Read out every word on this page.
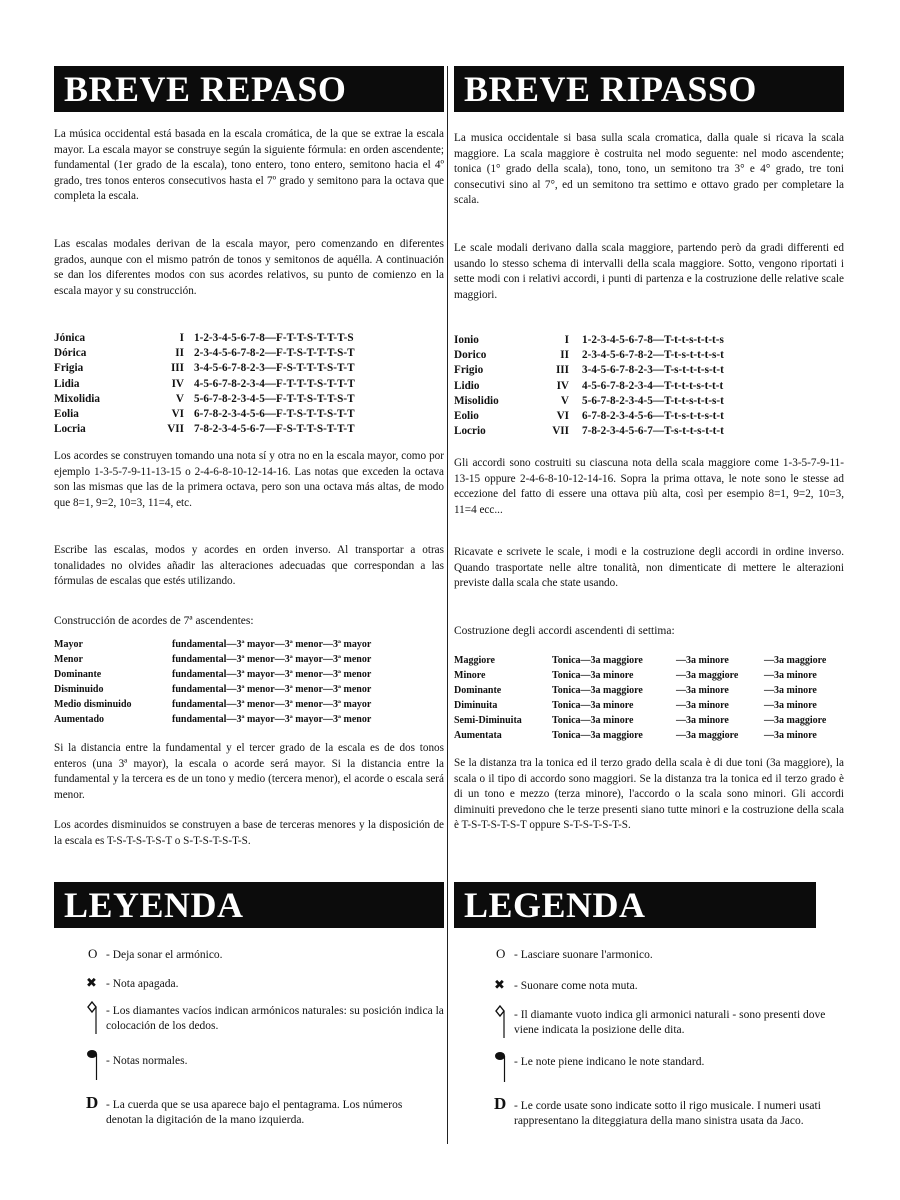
BREVE REPASO
La música occidental está basada en la escala cromática, de la que se extrae la escala mayor. La escala mayor se construye según la siguiente fórmula: en orden ascendente; fundamental (1er grado de la escala), tono entero, tono entero, semitono hacia el 4º grado, tres tonos enteros consecutivos hasta el 7º grado y semitono para la octava que completa la escala.
Las escalas modales derivan de la escala mayor, pero comenzando en diferentes grados, aunque con el mismo patrón de tonos y semitonos de aquélla. A continuación se dan los diferentes modos con sus acordes relativos, su punto de comienzo en la escala mayor y su construcción.
Jónica	I 1-2-3-4-5-6-7-8—F-T-T-S-T-T-T-S
Dórica	II 2-3-4-5-6-7-8-2—F-T-S-T-T-T-S-T
Frigia	III 3-4-5-6-7-8-2-3—F-S-T-T-T-S-T-T
Lidia	IV 4-5-6-7-8-2-3-4—F-T-T-T-S-T-T-T
Mixolidia	V 5-6-7-8-2-3-4-5—F-T-T-S-T-T-S-T
Eolia	VI 6-7-8-2-3-4-5-6—F-T-S-T-T-S-T-T
Locria	VII 7-8-2-3-4-5-6-7—F-S-T-T-S-T-T-T
Los acordes se construyen tomando una nota sí y otra no en la escala mayor, como por ejemplo 1-3-5-7-9-11-13-15 o 2-4-6-8-10-12-14-16. Las notas que exceden la octava son las mismas que las de la primera octava, pero son una octava más altas, de modo que 8=1, 9=2, 10=3, 11=4, etc.
Escribe las escalas, modos y acordes en orden inverso. Al transportar a otras tonalidades no olvides añadir las alteraciones adecuadas que correspondan a las fórmulas de escalas que estés utilizando.
Construcción de acordes de 7ª ascendentes:
Mayor	fundamental—3ª mayor—3ª menor—3ª mayor
Menor	fundamental—3ª menor—3ª mayor—3ª menor
Dominante	fundamental—3ª mayor—3ª menor—3ª menor
Disminuido	fundamental—3ª menor—3ª menor—3ª menor
Medio disminuido	fundamental—3ª menor—3ª menor—3ª mayor
Aumentado	fundamental—3ª mayor—3ª mayor—3ª menor
Si la distancia entre la fundamental y el tercer grado de la escala es de dos tonos enteros (una 3ª mayor), la escala o acorde será mayor. Si la distancia entre la fundamental y la tercera es de un tono y medio (tercera menor), el acorde o escala será menor.
Los acordes disminuidos se construyen a base de terceras menores y la disposición de la escala es T-S-T-S-T-S-T o S-T-S-T-S-T-S.
LEYENDA
O - Deja sonar el armónico.
✖ - Nota apagada.
- Los diamantes vacíos indican armónicos naturales: su posición indica la colocación de los dedos.
- Notas normales.
D - La cuerda que se usa aparece bajo el pentagrama. Los números denotan la digitación de la mano izquierda.
BREVE RIPASSO
La musica occidentale si basa sulla scala cromatica, dalla quale si ricava la scala maggiore. La scala maggiore è costruita nel modo seguente: nel modo ascendente; tonica (1° grado della scala), tono, tono, un semitono tra 3° e 4° grado, tre toni consecutivi sino al 7°, ed un semitono tra settimo e ottavo grado per completare la scala.
Le scale modali derivano dalla scala maggiore, partendo però da gradi differenti ed usando lo stesso schema di intervalli della scala maggiore. Sotto, vengono riportati i sette modi con i relativi accordi, i punti di partenza e la costruzione delle relative scale maggiori.
Ionio	I 1-2-3-4-5-6-7-8—T-t-t-s-t-t-t-s
Dorico	II 2-3-4-5-6-7-8-2—T-t-s-t-t-t-s-t
Frigio	III 3-4-5-6-7-8-2-3—T-s-t-t-t-s-t-t
Lidio	IV 4-5-6-7-8-2-3-4—T-t-t-t-s-t-t-t
Misolidio	V 5-6-7-8-2-3-4-5—T-t-t-s-t-t-s-t
Eolio	VI 6-7-8-2-3-4-5-6—T-t-s-t-t-s-t-t
Locrio	VII 7-8-2-3-4-5-6-7—T-s-t-t-s-t-t-t
Gli accordi sono costruiti su ciascuna nota della scala maggiore come 1-3-5-7-9-11-13-15 oppure 2-4-6-8-10-12-14-16. Sopra la prima ottava, le note sono le stesse ad eccezione del fatto di essere una ottava più alta, così per esempio 8=1, 9=2, 10=3, 11=4 ecc...
Ricavate e scrivete le scale, i modi e la costruzione degli accordi in ordine inverso. Quando trasportate nelle altre tonalità, non dimenticate di mettere le alterazioni previste dalla scala che state usando.
Costruzione degli accordi ascendenti di settima:
Maggiore	Tonica—3a maggiore	—3a minore	—3a maggiore
Minore	Tonica—3a minore	—3a maggiore	—3a minore
Dominante	Tonica—3a maggiore	—3a minore	—3a minore
Diminuita	Tonica—3a minore	—3a minore	—3a minore
Semi-Diminuita	Tonica—3a minore	—3a minore	—3a maggiore
Aumentata	Tonica—3a maggiore	—3a maggiore	—3a minore
Se la distanza tra la tonica ed il terzo grado della scala è di due toni (3a maggiore), la scala o il tipo di accordo sono maggiori. Se la distanza tra la tonica ed il terzo grado è di un tono e mezzo (terza minore), l'accordo o la scala sono minori. Gli accordi diminuiti prevedono che le terze presenti siano tutte minori e la costruzione della scala è T-S-T-S-T-S-T oppure S-T-S-T-S-T-S.
LEGENDA
O - Lasciare suonare l'armonico.
✖ - Suonare come nota muta.
- Il diamante vuoto indica gli armonici naturali - sono presenti dove viene indicata la posizione delle dita.
- Le note piene indicano le note standard.
D - Le corde usate sono indicate sotto il rigo musicale. I numeri usati rappresentano la diteggiatura della mano sinistra usata da Jaco.
